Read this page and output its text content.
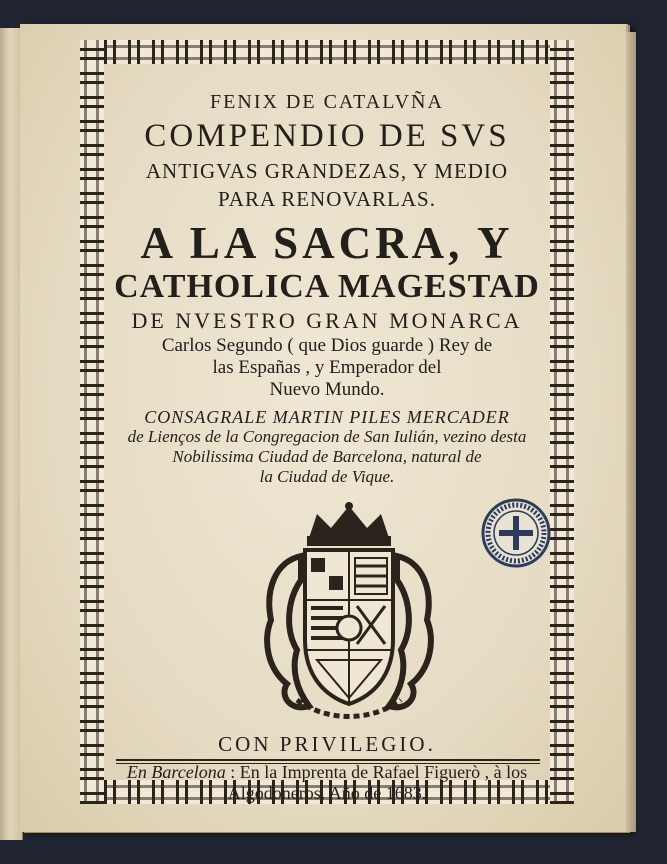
FENIX DE CATALVÑA
COMPENDIO DE SVS
ANTIGVAS GRANDEZAS, Y MEDIO
PARA RENOVARLAS.
A LA SACRA, Y
CATHOLICA MAGESTAD
DE NVESTRO GRAN MONARCA
Carlos Segundo ( que Dios guarde ) Rey de
las Españas , y Emperador del
Nuevo Mundo.
CONSAGRALE MARTIN PILES MERCADER
de Lienços de la Congregacion de San Iulián, vezino desta
Nobilissima Ciudad de Barcelona, natural de
la Ciudad de Vique.
CON PRIVILEGIO.
En Barcelona : En la Imprenta de Rafael Figuerò , à los
Algodoneros. Año de 1683.
